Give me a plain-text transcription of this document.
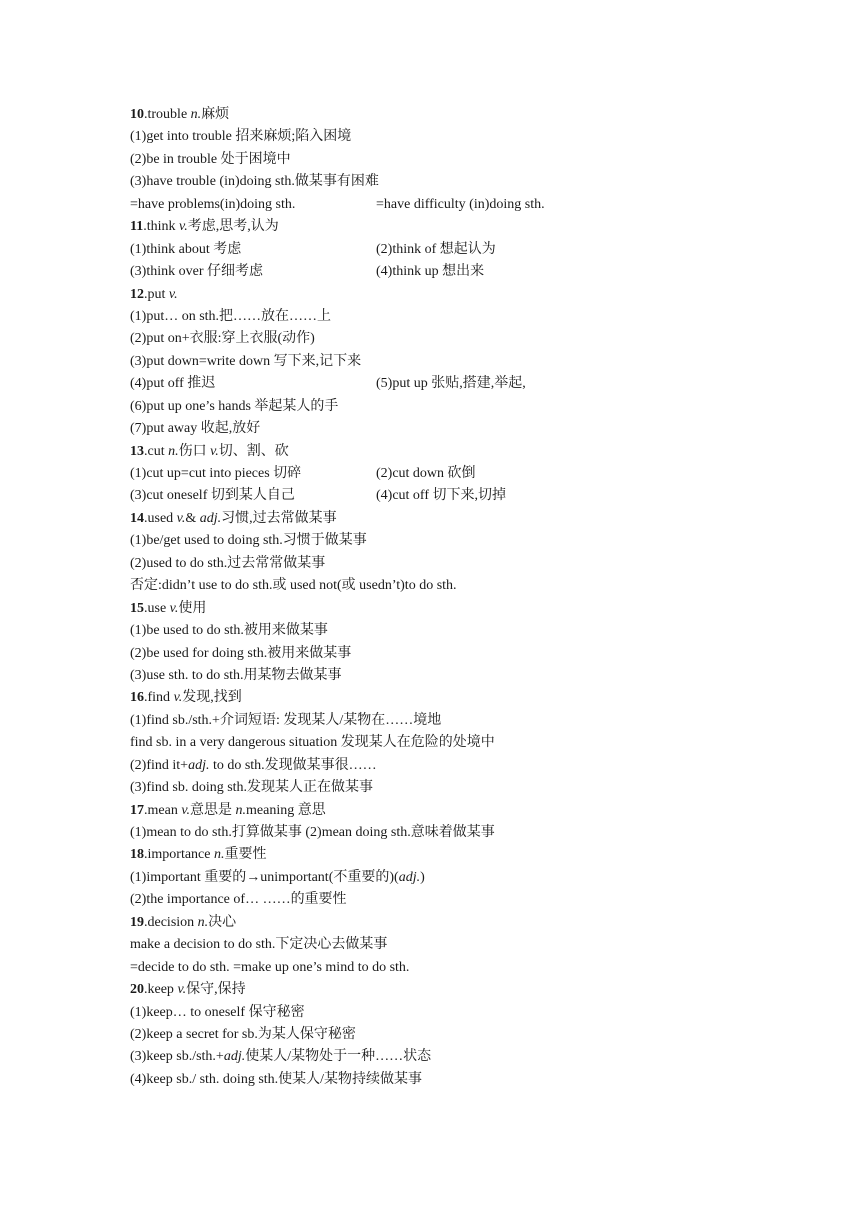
10.trouble n.麻烦
(1)get into trouble 招来麻烦;陷入困境
(2)be in trouble 处于困境中
(3)have trouble (in)doing sth.做某事有困难
=have problems(in)doing sth.	=have difficulty (in)doing sth.
11.think v.考虑,思考,认为
(1)think about 考虑	(2)think of 想起认为
(3)think over 仔细考虑	(4)think up 想出来
12.put v.
(1)put… on sth.把……放在……上
(2)put on+衣服:穿上衣服(动作)
(3)put down=write down 写下来,记下来
(4)put off 推迟	(5)put up 张贴,搭建,举起,
(6)put up one’s hands 举起某人的手
(7)put away 收起,放好
13.cut n.伤口 v.切、割、砍
(1)cut up=cut into pieces 切碎	(2)cut down 砍倒
(3)cut oneself 切到某人自己	(4)cut off 切下来,切掉
14.used v.& adj.习惯,过去常做某事
(1)be/get used to doing sth.习惯于做某事
(2)used to do sth.过去常常做某事
否定:didn’t use to do sth.或 used not(或 usedn’t)to do sth.
15.use v.使用
(1)be used to do sth.被用来做某事
(2)be used for doing sth.被用来做某事
(3)use sth. to do sth.用某物去做某事
16.find v.发现,找到
(1)find sb./sth.+介词短语: 发现某人/某物在……境地
find sb. in a very dangerous situation 发现某人在危险的处境中
(2)find it+adj. to do sth.发现做某事很……
(3)find sb. doing sth.发现某人正在做某事
17.mean v.意思是 n.meaning 意思
(1)mean to do sth.打算做某事 (2)mean doing sth.意味着做某事
18.importance n.重要性
(1)important 重要的→unimportant(不重要的)(adj.)
(2)the importance of… ……的重要性
19.decision n.决心
make a decision to do sth.下定决心去做某事
=decide to do sth. =make up one’s mind to do sth.
20.keep v.保守,保持
(1)keep… to oneself 保守秘密
(2)keep a secret for sb.为某人保守秘密
(3)keep sb./sth.+adj.使某人/某物处于一种……状态
(4)keep sb./ sth. doing sth.使某人/某物持续做某事
